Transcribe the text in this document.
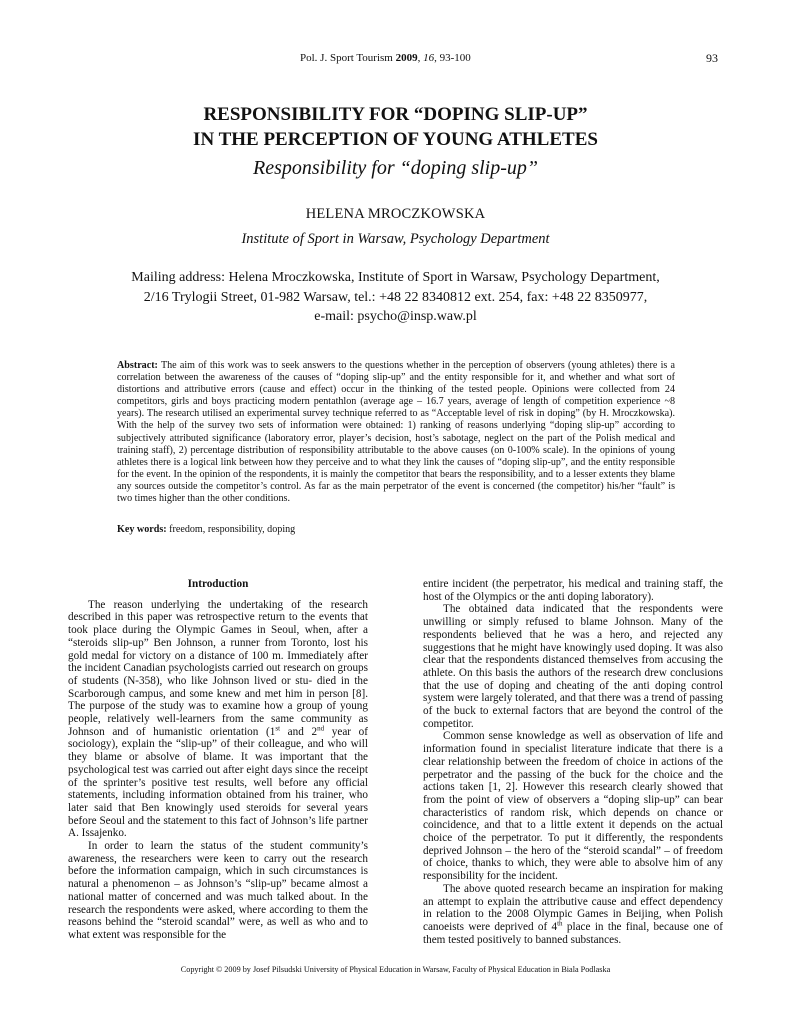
Pol. J. Sport Tourism 2009, 16, 93-100	93
RESPONSIBILITY FOR “DOPING SLIP-UP”
IN THE PERCEPTION OF YOUNG ATHLETES
Responsibility for “doping slip-up”
HELENA MROCZKOWSKA
Institute of Sport in Warsaw, Psychology Department
Mailing address: Helena Mroczkowska, Institute of Sport in Warsaw, Psychology Department,
2/16 Trylogii Street, 01-982 Warsaw, tel.: +48 22 8340812 ext. 254, fax: +48 22 8350977,
e-mail: psycho@insp.waw.pl
Abstract: The aim of this work was to seek answers to the questions whether in the perception of observers (young athletes) there is a correlation between the awareness of the causes of “doping slip-up” and the entity responsible for it, and whether and what sort of distortions and attributive errors (cause and effect) occur in the thinking of the tested people. Opinions were collected from 24 competitors, girls and boys practicing modern pentathlon (average age – 16.7 years, average of length of competition experience ~8 years). The research utilised an experimental survey technique referred to as “Acceptable level of risk in doping” (by H. Mroczkowska). With the help of the survey two sets of information were obtained: 1) ranking of reasons underlying “doping slip-up” according to subjectively attributed significance (laboratory error, player’s decision, host’s sabotage, neglect on the part of the Polish medical and training staff), 2) percentage distribution of responsibility attributable to the above causes (on 0-100% scale). In the opinions of young athletes there is a logical link between how they perceive and to what they link the causes of “doping slip-up”, and the entity responsible for the event. In the opinion of the respondents, it is mainly the competitor that bears the responsibility, and to a lesser extents they blame any sources outside the competitor’s control. As far as the main perpetrator of the event is concerned (the competitor) his/her “fault” is two times higher than the other conditions.
Key words: freedom, responsibility, doping
Introduction

The reason underlying the undertaking of the research described in this paper was retrospective return to the events that took place during the Olympic Games in Seoul, when, after a “steroids slip-up” Ben Johnson, a runner from Toronto, lost his gold medal for victory on a distance of 100 m. Immediately after the incident Canadian psychologists carried out research on groups of students (N-358), who like Johnson lived or stu- died in the Scarborough campus, and some knew and met him in person [8]. The purpose of the study was to examine how a group of young people, relatively well-learners from the same community as Johnson and of humanistic orientation (1st and 2nd year of sociology), explain the “slip-up” of their colleague, and who will they blame or absolve of blame. It was important that the psychological test was carried out after eight days since the receipt of the sprinter’s positive test results, well before any official statements, including information obtained from his trainer, who later said that Ben knowingly used steroids for several years before Seoul and the statement to this fact of Johnson’s life partner A. Issajenko.

In order to learn the status of the student community’s awareness, the researchers were keen to carry out the research before the information campaign, which in such circumstances is natural a phenomenon – as Johnson’s “slip-up” became almost a national matter of concerned and was much talked about. In the research the respondents were asked, where according to them the reasons behind the “steroid scandal” were, as well as who and to what extent was responsible for the

entire incident (the perpetrator, his medical and training staff, the host of the Olympics or the anti doping laboratory).

The obtained data indicated that the respondents were unwilling or simply refused to blame Johnson. Many of the respondents believed that he was a hero, and rejected any suggestions that he might have knowingly used doping. It was also clear that the respondents distanced themselves from accusing the athlete. On this basis the authors of the research drew conclusions that the use of doping and cheating of the anti doping control system were largely tolerated, and that there was a trend of passing of the buck to external factors that are beyond the control of the competitor.

Common sense knowledge as well as observation of life and information found in specialist literature indicate that there is a clear relationship between the freedom of choice in actions of the perpetrator and the passing of the buck for the choice and the actions taken [1, 2]. However this research clearly showed that from the point of view of observers a “doping slip-up” can bear characteristics of random risk, which depends on chance or coincidence, and that to a little extent it depends on the actual choice of the perpetrator. To put it differently, the respondents deprived Johnson – the hero of the “steroid scandal” – of freedom of choice, thanks to which, they were able to absolve him of any responsibility for the incident.

The above quoted research became an inspiration for making an attempt to explain the attributive cause and effect dependency in relation to the 2008 Olympic Games in Beijing, when Polish canoeists were deprived of 4th place in the final, because one of them tested positively to banned substances.

Copyright © 2009 by Josef Pilsudski University of Physical Education in Warsaw, Faculty of Physical Education in Biala Podlaska
